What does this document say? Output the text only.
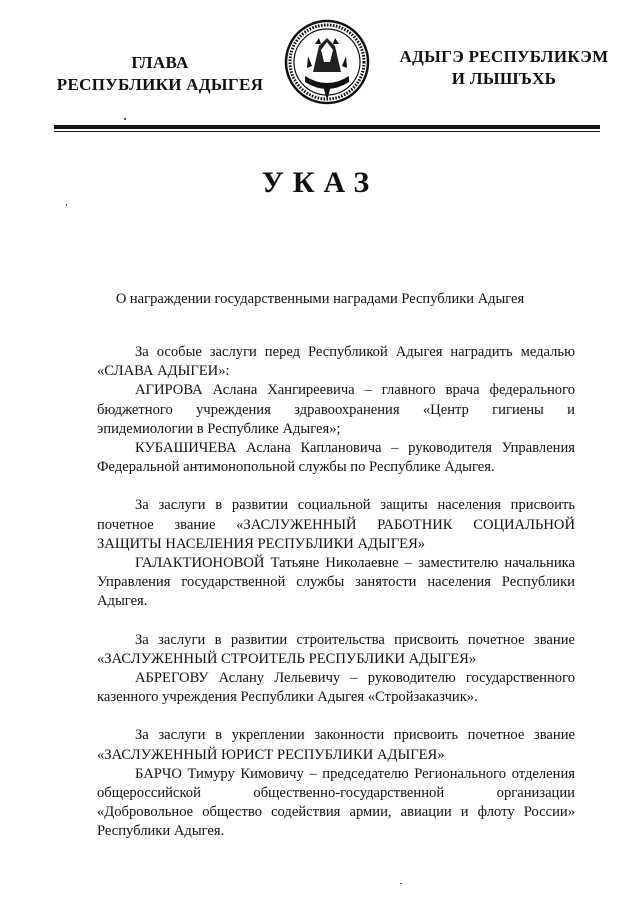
ГЛАВА
РЕСПУБЛИКИ АДЫГЕЯ
АДЫГЭ РЕСПУБЛИКЭМ
И ЛЫШЪХЬ
УКАЗ
О награждении государственными наградами Республики Адыгея

За особые заслуги перед Республикой Адыгея наградить медалью «СЛАВА АДЫГЕИ»:

АГИРОВА Аслана Хангиреевича – главного врача федерального бюджетного учреждения здравоохранения «Центр гигиены и эпидемиологии в Республике Адыгея»;

КУБАШИЧЕВА Аслана Каплановича – руководителя Управления Федеральной антимонопольной службы по Республике Адыгея.

За заслуги в развитии социальной защиты населения присвоить почетное звание «ЗАСЛУЖЕННЫЙ РАБОТНИК СОЦИАЛЬНОЙ ЗАЩИТЫ НАСЕЛЕНИЯ РЕСПУБЛИКИ АДЫГЕЯ»

ГАЛАКТИОНОВОЙ Татьяне Николаевне – заместителю начальника Управления государственной службы занятости населения Республики Адыгея.

За заслуги в развитии строительства присвоить почетное звание «ЗАСЛУЖЕННЫЙ СТРОИТЕЛЬ РЕСПУБЛИКИ АДЫГЕЯ»

АБРЕГОВУ Аслану Лельевичу – руководителю государственного казенного учреждения Республики Адыгея «Стройзаказчик».

За заслуги в укреплении законности присвоить почетное звание «ЗАСЛУЖЕННЫЙ ЮРИСТ РЕСПУБЛИКИ АДЫГЕЯ»

БАРЧО Тимуру Кимовичу – председателю Регионального отделения общероссийской общественно-государственной организации «Добровольное общество содействия армии, авиации и флоту России» Республики Адыгея.
